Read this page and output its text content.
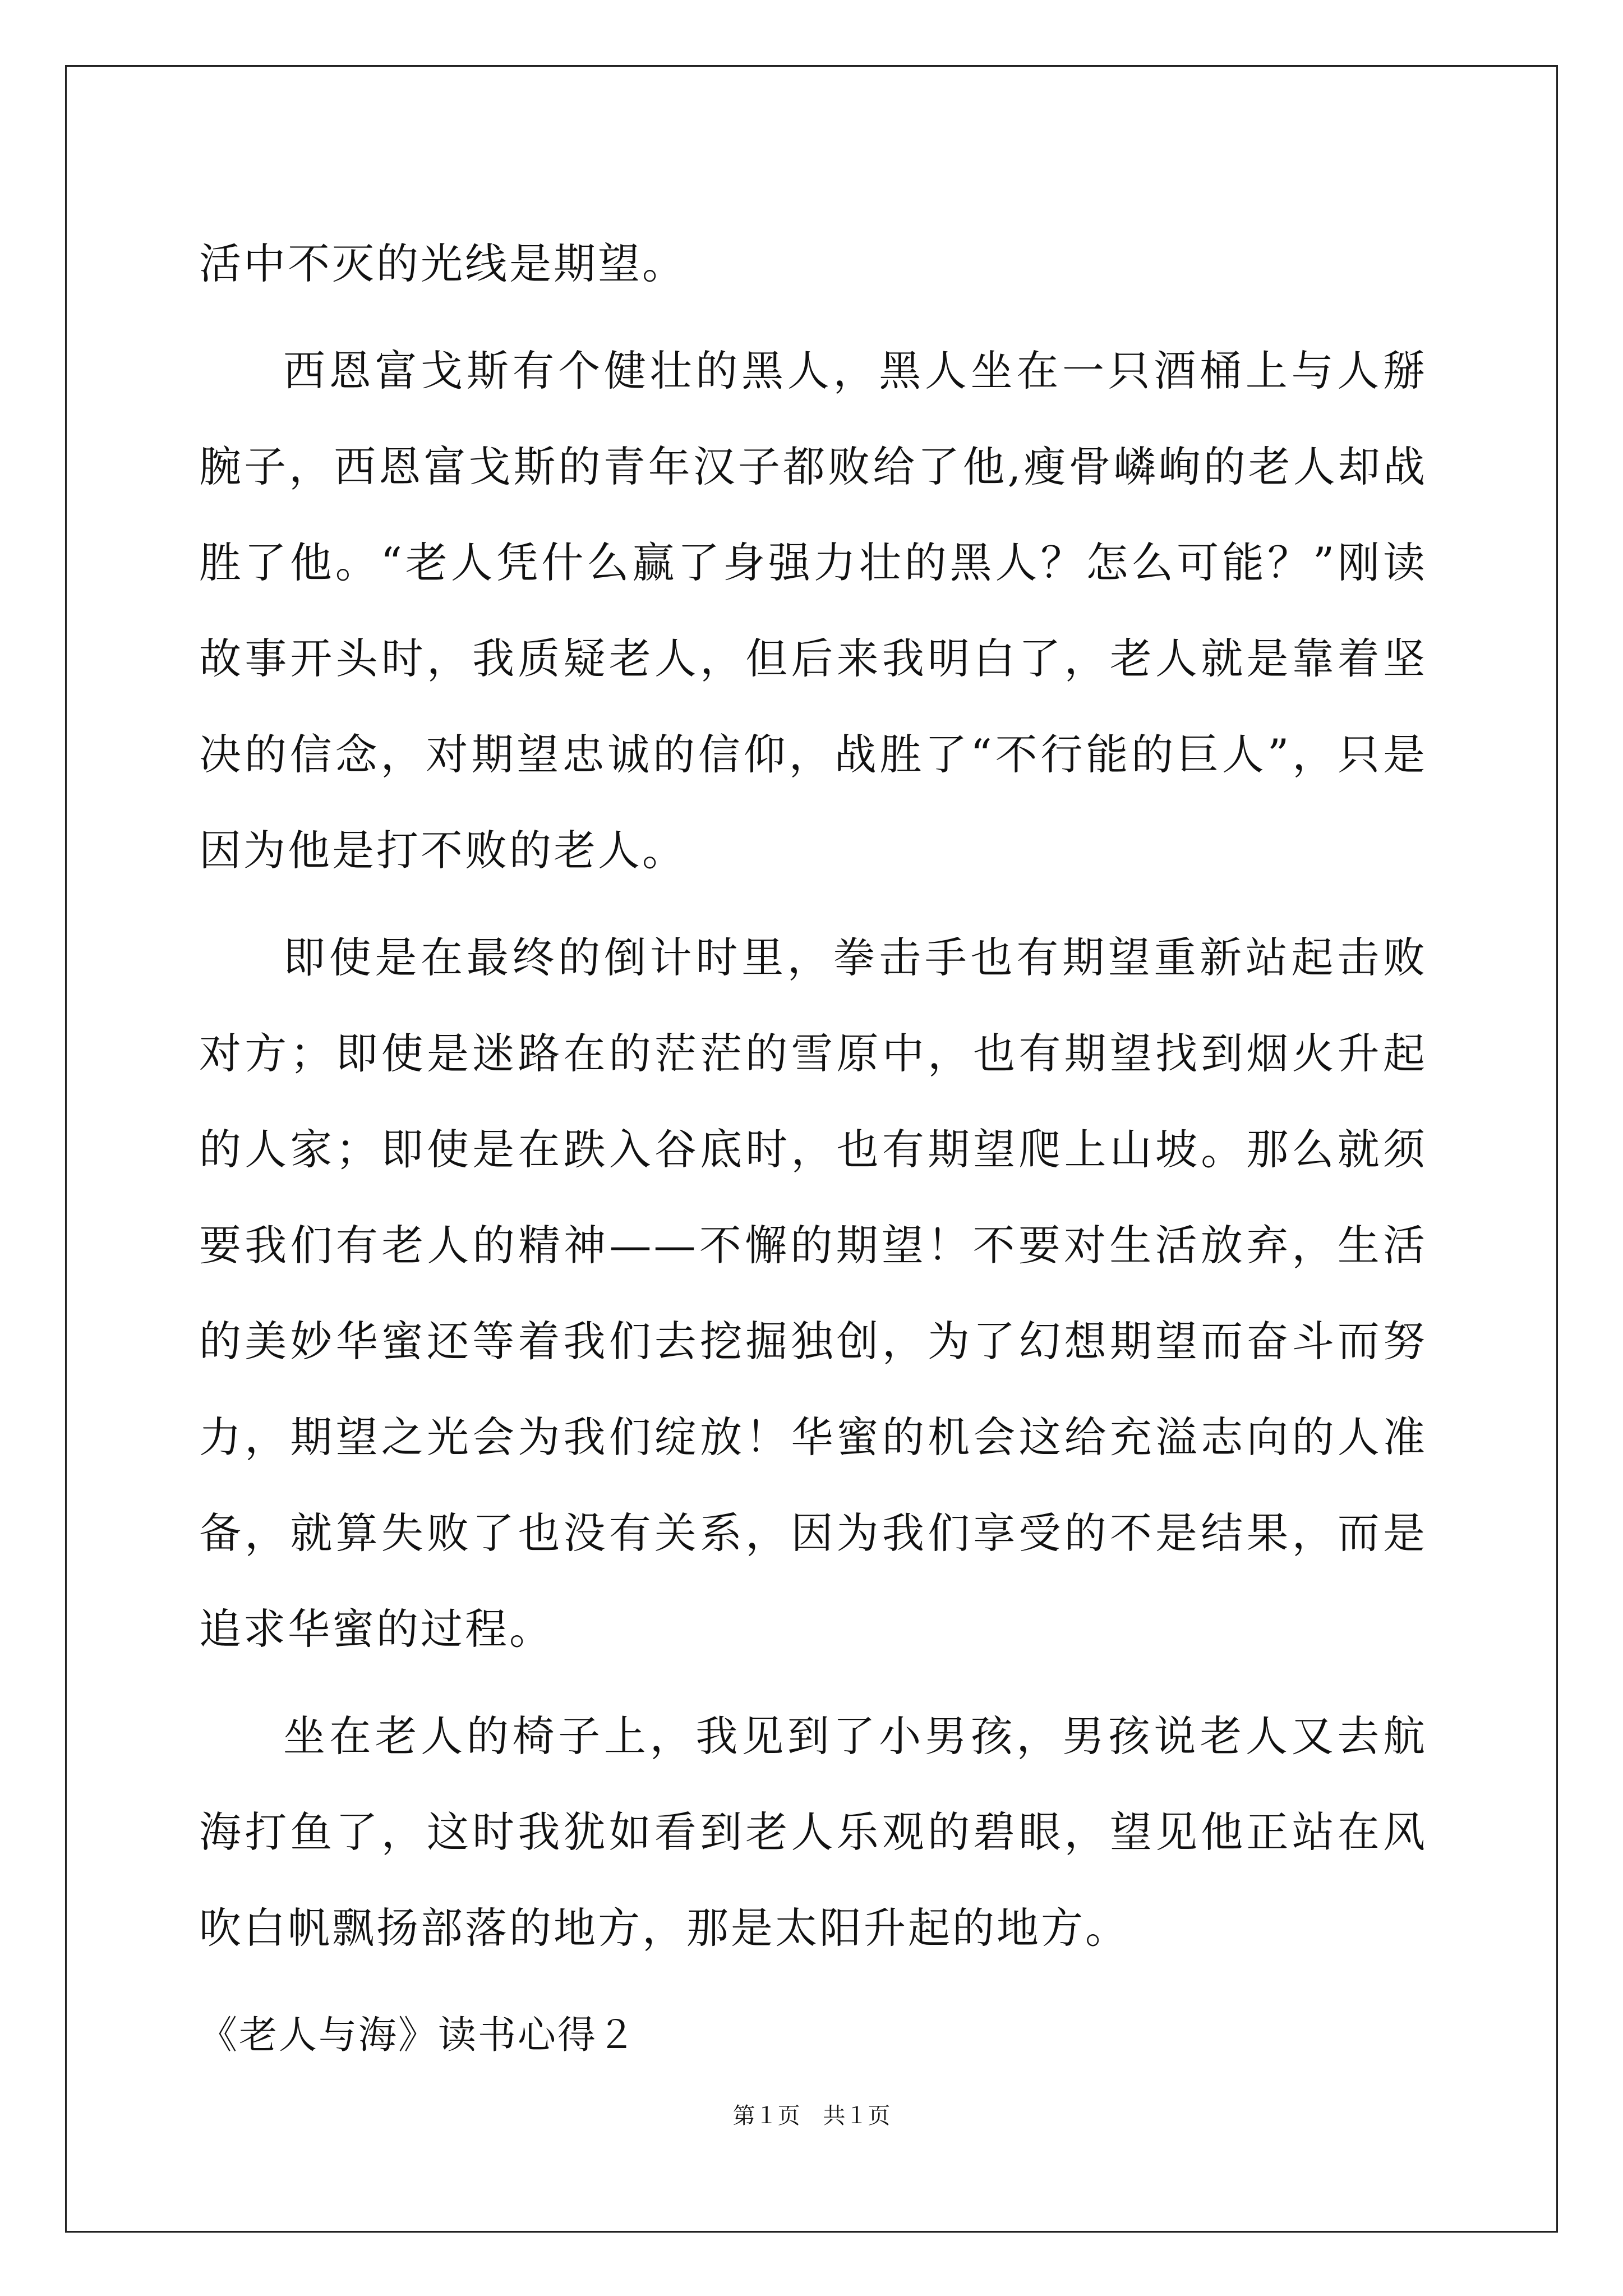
活中不灭的光线是期望。

西恩富戈斯有个健壮的黑人，黑人坐在一只酒桶上与人掰腕子，西恩富戈斯的青年汉子都败给了他,瘦骨嶙峋的老人却战胜了他。“老人凭什么赢了身强力壮的黑人？怎么可能？”刚读故事开头时，我质疑老人，但后来我明白了，老人就是靠着坚决的信念，对期望忠诚的信仰，战胜了“不行能的巨人”，只是因为他是打不败的老人。

即使是在最终的倒计时里，拳击手也有期望重新站起击败对方；即使是迷路在的茫茫的雪原中，也有期望找到烟火升起的人家；即使是在跌入谷底时，也有期望爬上山坡。那么就须要我们有老人的精神——不懈的期望！不要对生活放弃，生活的美妙华蜜还等着我们去挖掘独创，为了幻想期望而奋斗而努力，期望之光会为我们绽放！华蜜的机会这给充溢志向的人准备，就算失败了也没有关系，因为我们享受的不是结果，而是追求华蜜的过程。

坐在老人的椅子上，我见到了小男孩，男孩说老人又去航海打鱼了，这时我犹如看到老人乐观的碧眼，望见他正站在风吹白帆飘扬部落的地方，那是太阳升起的地方。

《老人与海》读书心得２

第１页 共１页
